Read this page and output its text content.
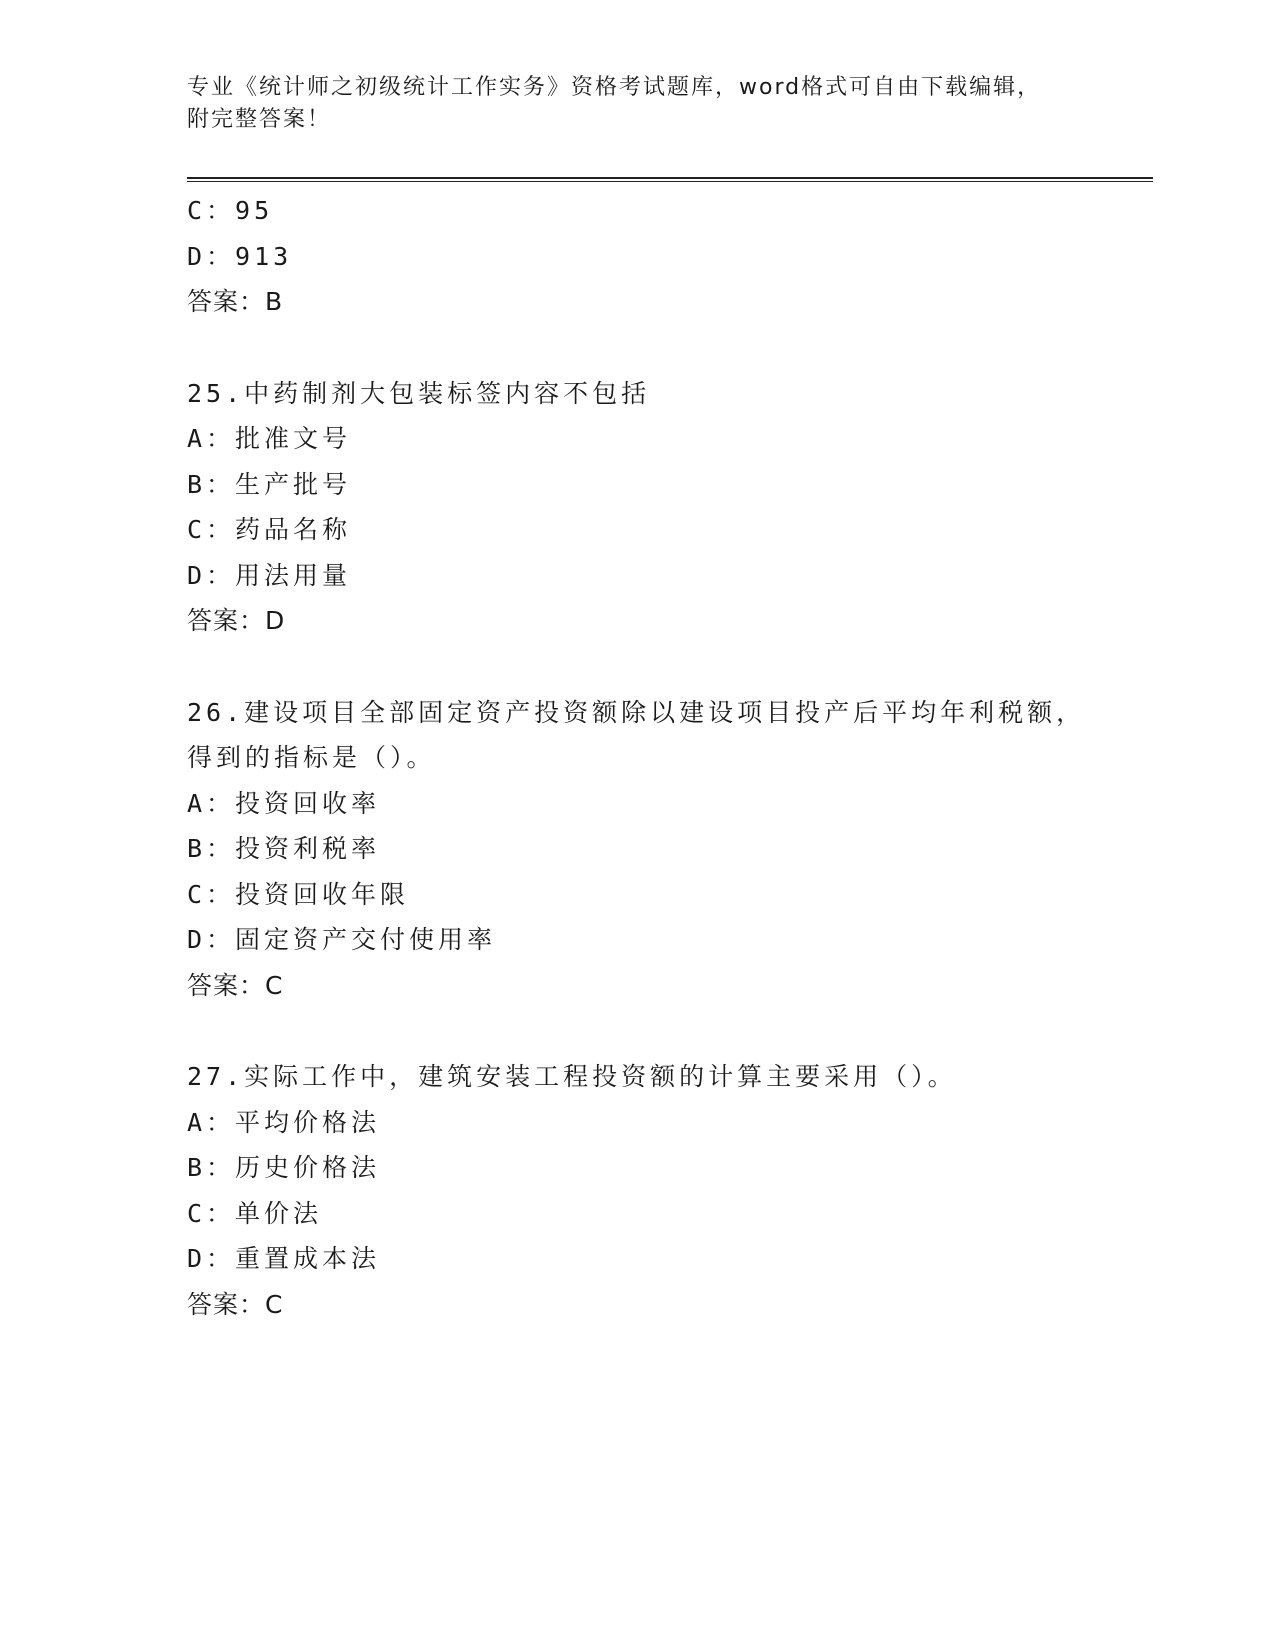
专业《统计师之初级统计工作实务》资格考试题库，word格式可自由下载编辑，
附完整答案！
C：95
D：913
答案：B
25.中药制剂大包装标签内容不包括
A：批准文号
B：生产批号
C：药品名称
D：用法用量
答案：D
26.建设项目全部固定资产投资额除以建设项目投产后平均年利税额，
得到的指标是（）。
A：投资回收率
B：投资利税率
C：投资回收年限
D：固定资产交付使用率
答案：C
27.实际工作中，建筑安装工程投资额的计算主要采用（）。
A：平均价格法
B：历史价格法
C：单价法
D：重置成本法
答案：C
